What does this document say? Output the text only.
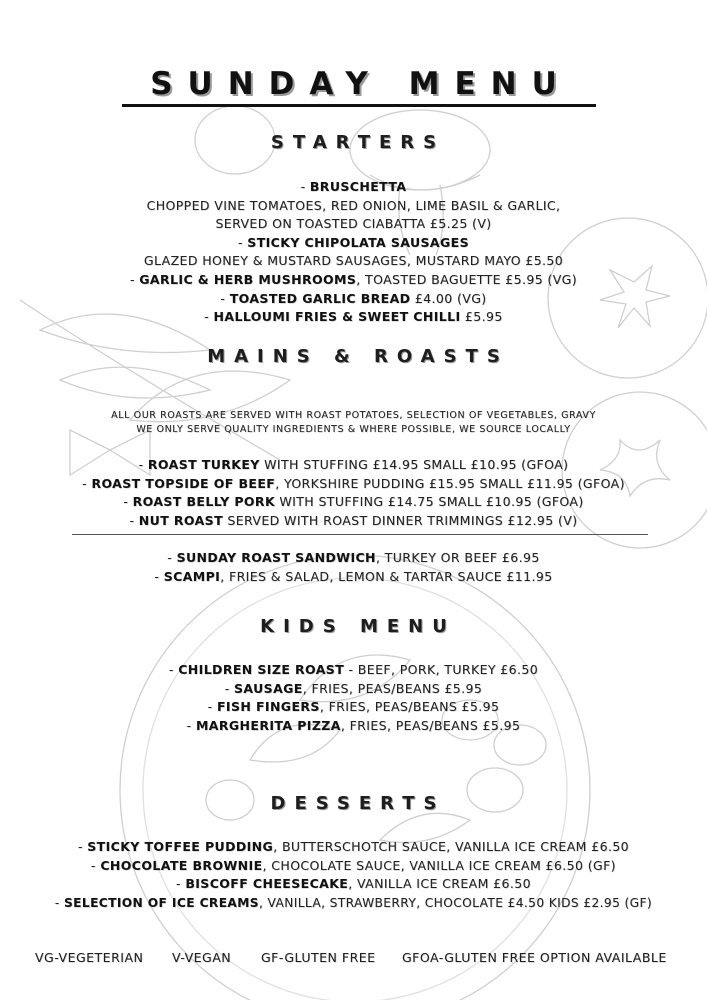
SUNDAY MENU
STARTERS
- BRUSCHETTA
CHOPPED VINE TOMATOES, RED ONION, LIME BASIL & GARLIC,
SERVED ON TOASTED CIABATTA £5.25 (V)
- STICKY CHIPOLATA SAUSAGES
GLAZED HONEY & MUSTARD SAUSAGES, MUSTARD MAYO £5.50
- GARLIC & HERB MUSHROOMS, TOASTED BAGUETTE £5.95 (VG)
- TOASTED GARLIC BREAD £4.00 (VG)
- HALLOUMI FRIES & SWEET CHILLI £5.95
MAINS & ROASTS
ALL OUR ROASTS ARE SERVED WITH ROAST POTATOES, SELECTION OF VEGETABLES, GRAVY
WE ONLY SERVE QUALITY INGREDIENTS & WHERE POSSIBLE, WE SOURCE LOCALLY
- ROAST TURKEY WITH STUFFING £14.95 SMALL £10.95 (GFOA)
- ROAST TOPSIDE OF BEEF, YORKSHIRE PUDDING £15.95 SMALL £11.95 (GFOA)
- ROAST BELLY PORK WITH STUFFING £14.75 SMALL £10.95 (GFOA)
- NUT ROAST SERVED WITH ROAST DINNER TRIMMINGS £12.95 (V)
- SUNDAY ROAST SANDWICH, TURKEY OR BEEF £6.95
- SCAMPI, FRIES & SALAD, LEMON & TARTAR SAUCE £11.95
KIDS MENU
- CHILDREN SIZE ROAST - BEEF, PORK, TURKEY £6.50
- SAUSAGE, FRIES, PEAS/BEANS £5.95
- FISH FINGERS, FRIES, PEAS/BEANS £5.95
- MARGHERITA PIZZA, FRIES, PEAS/BEANS £5.95
DESSERTS
- STICKY TOFFEE PUDDING, BUTTERSCHOTCH SAUCE, VANILLA ICE CREAM £6.50
- CHOCOLATE BROWNIE, CHOCOLATE SAUCE, VANILLA ICE CREAM £6.50 (GF)
- BISCOFF CHEESECAKE, VANILLA ICE CREAM £6.50
- SELECTION OF ICE CREAMS, VANILLA, STRAWBERRY, CHOCOLATE £4.50 KIDS £2.95 (GF)
VG-VEGETERIAN V-VEGAN GF-GLUTEN FREE GFOA-GLUTEN FREE OPTION AVAILABLE
